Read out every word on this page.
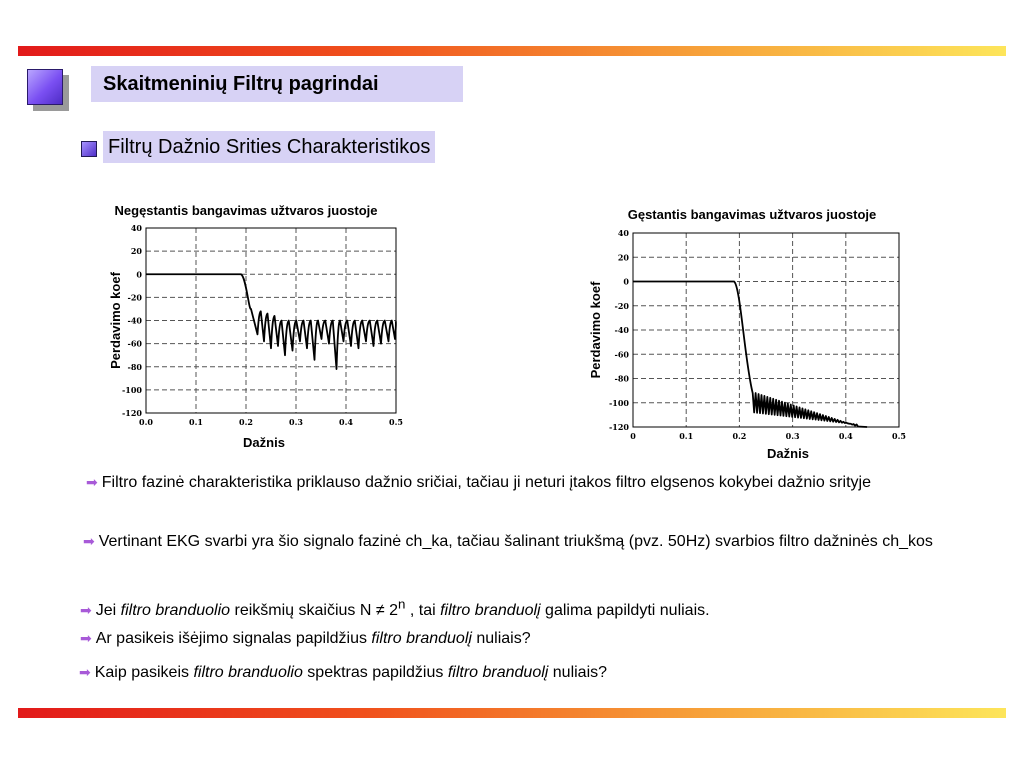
Skaitmeninių Filtrų pagrindai
Filtrų Dažnio Srities Charakteristikos
Negęstantis bangavimas užtvaros juostoje
0.0	0.1	0.2	0.3	0.4	0.5
40
20
0
-20
-40
-60
-80
-100
-120
Dažnis
Perdavimo koef
Gęstantis bangavimas užtvaros juostoje
0	0.1	0.2	0.3	0.4	0.5
40
20
0
-20
-40
-60
-80
-100
-120
Dažnis
Perdavimo koef
➡ Filtro fazinė charakteristika priklauso dažnio sričiai, tačiau ji neturi įtakos filtro elgsenos kokybei dažnio srityje
➡ Vertinant EKG svarbi yra šio signalo fazinė ch_ka, tačiau šalinant triukšmą (pvz. 50Hz) svarbios filtro dažninės ch_kos
➡ Jei filtro branduolio reikšmių skaičius $N \ne 2^n$ , tai filtro branduolį galima papildyti nuliais.
➡ Ar pasikeis išėjimo signalas papildžius filtro branduolį nuliais?
➡ Kaip pasikeis filtro branduolio spektras papildžius filtro branduolį nuliais?
